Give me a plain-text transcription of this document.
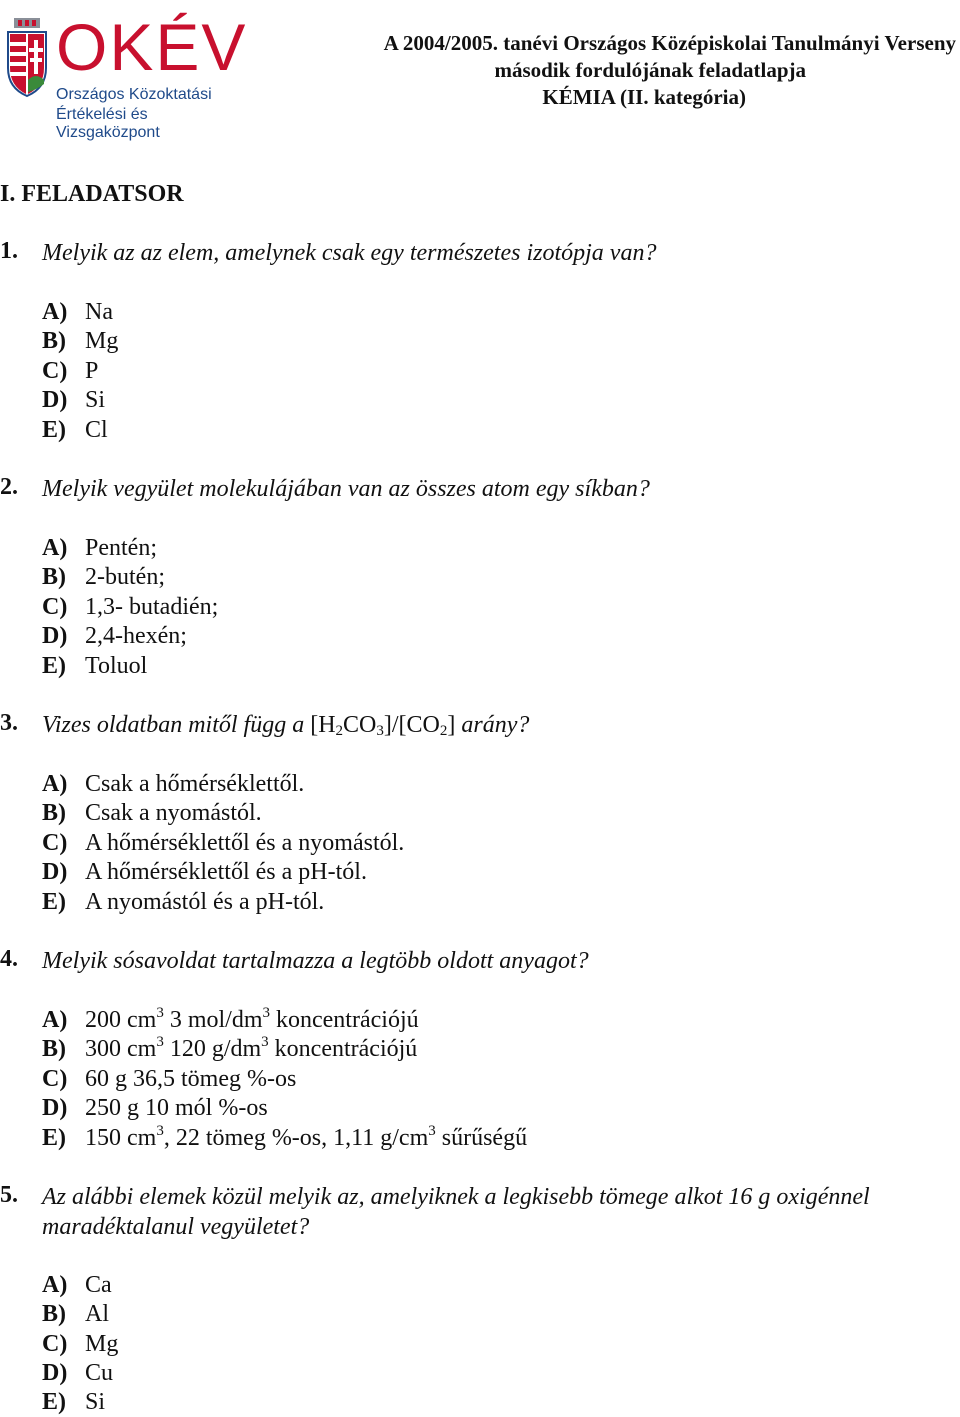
OKÉV
Országos Közoktatási
Értékelési és Vizsgaközpont
A 2004/2005. tanévi Országos Középiskolai Tanulmányi Verseny
második fordulójának feladatlapja
KÉMIA (II. kategória)
I. FELADATSOR
1. Melyik az az elem, amelynek csak egy természetes izotópja van?
A) Na
B) Mg
C) P
D) Si
E) Cl
2. Melyik vegyület molekulájában van az összes atom egy síkban?
A) Pentén;
B) 2-butén;
C) 1,3- butadién;
D) 2,4-hexén;
E) Toluol
3. Vizes oldatban mitől függ a $[H_2CO_3]/[CO_2]$ arány?
A) Csak a hőmérséklettől.
B) Csak a nyomástól.
C) A hőmérséklettől és a nyomástól.
D) A hőmérséklettől és a pH-tól.
E) A nyomástól és a pH-tól.
4. Melyik sósavoldat tartalmazza a legtöbb oldott anyagot?
A) 200 $cm^3$ 3 mol/$dm^3$ koncentrációjú
B) 300 $cm^3$ 120 $g/dm^3$ koncentrációjú
C) 60 g 36,5 tömeg %-os
D) 250 g 10 mól %-os
E) 150 $cm^3$, 22 tömeg %-os, 1,11 $g/cm^3$ sűrűségű
5. Az alábbi elemek közül melyik az, amelyiknek a legkisebb tömege alkot 16 g oxigénnel
maradéktalanul vegyületet?
A) Ca
B) Al
C) Mg
D) Cu
E) Si
